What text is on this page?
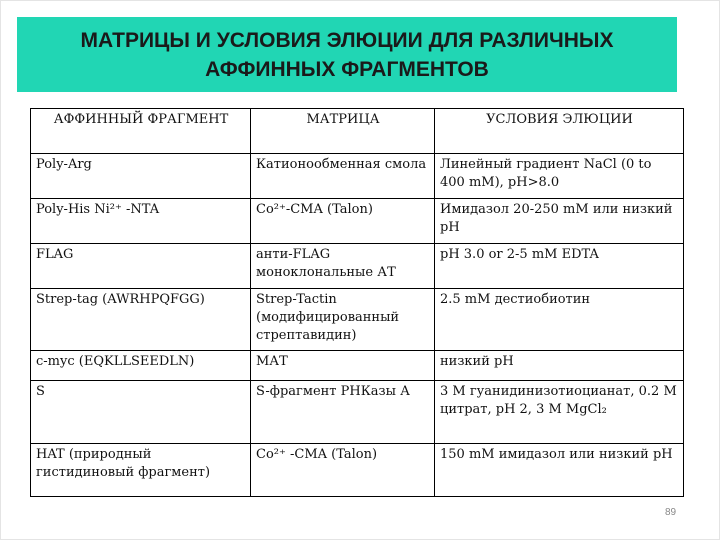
МАТРИЦЫ И УСЛОВИЯ ЭЛЮЦИИ ДЛЯ РАЗЛИЧНЫХ АФФИННЫХ ФРАГМЕНТОВ
АФФИННЫЙ ФРАГМЕНТ	МАТРИЦА	УСЛОВИЯ ЭЛЮЦИИ
Poly-Arg	Катионообменная смола	Линейный градиент NaCl (0 to 400 mM), pH>8.0
Poly-His Ni²⁺ -NTA	Co²⁺-CMA (Talon)	Имидазол 20-250 mM или низкий pH
FLAG	анти-FLAG моноклональные АТ	pH 3.0 or 2-5 mM EDTA
Strep-tag (AWRHPQFGG)	Strep-Tactin (модифицированный стрептавидин)	2.5 mM дестиобиотин
c-myc (EQKLLSEEDLN)	МАТ	низкий pH
S	S-фрагмент РНКазы А	3 М гуанидинизотиоцианат, 0.2 М цитрат, pH 2, 3 M MgCl₂
HAT (природный гистидиновый фрагмент)	Co²⁺ -CMA (Talon)	150 mM имидазол или низкий pH
89
